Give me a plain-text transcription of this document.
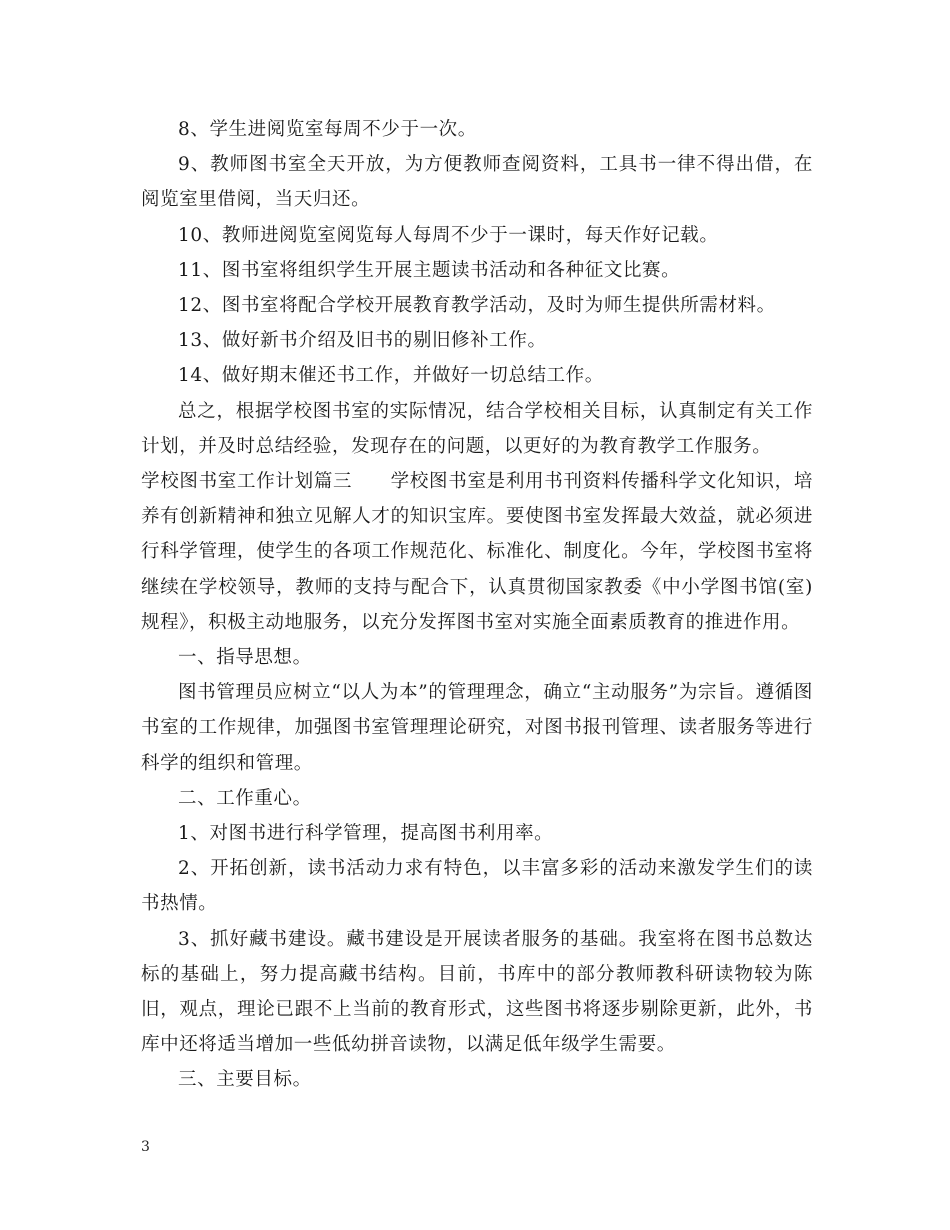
8、学生进阅览室每周不少于一次。

9、教师图书室全天开放，为方便教师查阅资料，工具书一律不得出借，在阅览室里借阅，当天归还。

10、教师进阅览室阅览每人每周不少于一课时，每天作好记载。

11、图书室将组织学生开展主题读书活动和各种征文比赛。

12、图书室将配合学校开展教育教学活动，及时为师生提供所需材料。

13、做好新书介绍及旧书的剔旧修补工作。

14、做好期末催还书工作，并做好一切总结工作。

总之，根据学校图书室的实际情况，结合学校相关目标，认真制定有关工作计划，并及时总结经验，发现存在的问题，以更好的为教育教学工作服务。

学校图书室工作计划篇三　　学校图书室是利用书刊资料传播科学文化知识，培养有创新精神和独立见解人才的知识宝库。要使图书室发挥最大效益，就必须进行科学管理，使学生的各项工作规范化、标准化、制度化。今年，学校图书室将继续在学校领导，教师的支持与配合下，认真贯彻国家教委《中小学图书馆(室)规程》，积极主动地服务，以充分发挥图书室对实施全面素质教育的推进作用。

一、指导思想。

图书管理员应树立“以人为本”的管理理念，确立“主动服务”为宗旨。遵循图书室的工作规律，加强图书室管理理论研究，对图书报刊管理、读者服务等进行科学的组织和管理。

二、工作重心。

1、对图书进行科学管理，提高图书利用率。

2、开拓创新，读书活动力求有特色，以丰富多彩的活动来激发学生们的读书热情。

3、抓好藏书建设。藏书建设是开展读者服务的基础。我室将在图书总数达标的基础上，努力提高藏书结构。目前，书库中的部分教师教科研读物较为陈旧，观点，理论已跟不上当前的教育形式，这些图书将逐步剔除更新，此外，书库中还将适当增加一些低幼拼音读物，以满足低年级学生需要。

三、主要目标。

3
